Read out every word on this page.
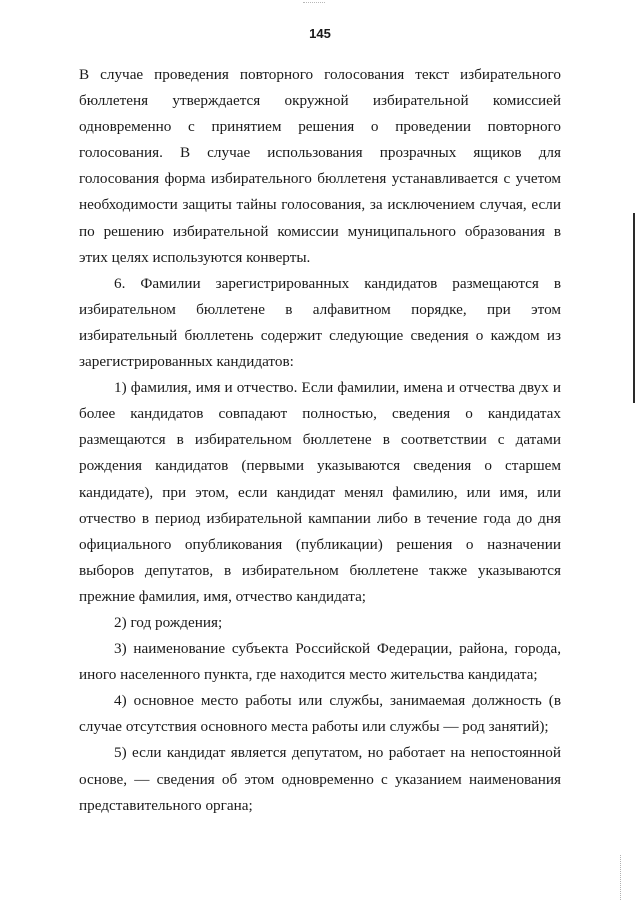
145

В случае проведения повторного голосования текст избирательного бюллетеня утверждается окружной избирательной комиссией одновременно с принятием решения о проведении повторного голосования. В случае использования прозрачных ящиков для голосования форма избирательного бюллетеня устанавливается с учетом необходимости защиты тайны голосования, за исключением случая, если по решению избирательной комиссии муниципального образования в этих целях используются конверты.

6. Фамилии зарегистрированных кандидатов размещаются в избирательном бюллетене в алфавитном порядке, при этом избирательный бюллетень содержит следующие сведения о каждом из зарегистрированных кандидатов:

1) фамилия, имя и отчество. Если фамилии, имена и отчества двух и более кандидатов совпадают полностью, сведения о кандидатах размещаются в избирательном бюллетене в соответствии с датами рождения кандидатов (первыми указываются сведения о старшем кандидате), при этом, если кандидат менял фамилию, или имя, или отчество в период избирательной кампании либо в течение года до дня официального опубликования (публикации) решения о назначении выборов депутатов, в избирательном бюллетене также указываются прежние фамилия, имя, отчество кандидата;

2) год рождения;

3) наименование субъекта Российской Федерации, района, города, иного населенного пункта, где находится место жительства кандидата;

4) основное место работы или службы, занимаемая должность (в случае отсутствия основного места работы или службы — род занятий);

5) если кандидат является депутатом, но работает на непостоянной основе, — сведения об этом одновременно с указанием наименования представительного органа;
